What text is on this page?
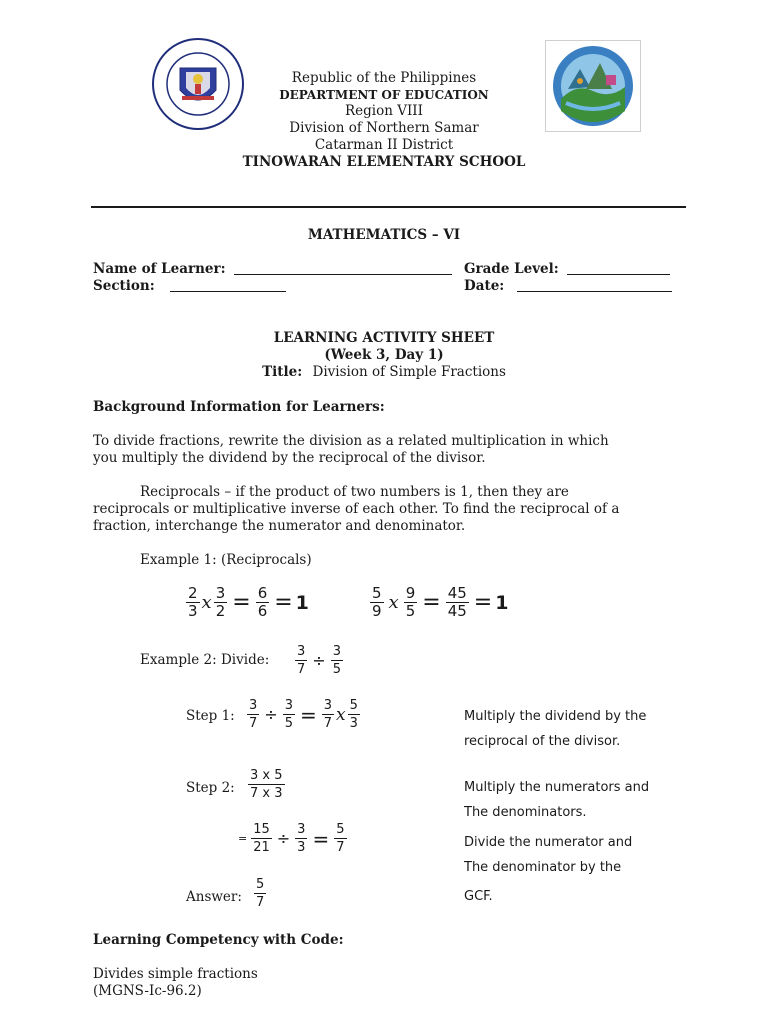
Republic of the Philippines
DEPARTMENT OF EDUCATION
Region VIII
Division of Northern Samar
Catarman II District
TINOWARAN ELEMENTARY SCHOOL
MATHEMATICS – VI
Name of Learner:	Grade Level:
Section:	Date:
LEARNING ACTIVITY SHEET
(Week 3, Day 1)
Title: Division of Simple Fractions
Background Information for Learners:
To divide fractions, rewrite the division as a related multiplication in which
you multiply the dividend by the reciprocal of the divisor.
Reciprocals – if the product of two numbers is 1, then they are
reciprocals or multiplicative inverse of each other. To find the reciprocal of a
fraction, interchange the numerator and denominator.
Example 1: (Reciprocals)
$\frac{2}{3}$ x $\frac{3}{2} = \frac{6}{6} = 1$	$\frac{5}{9}$ x $\frac{9}{5} = \frac{45}{45} = 1$
Example 2: Divide: $\frac{3}{7} \div \frac{3}{5}$
Step 1: $\frac{3}{7} \div \frac{3}{5} = \frac{3}{7}$ x $\frac{5}{3}$	Multiply the dividend by the
reciprocal of the divisor.
Step 2: $\frac{3 x 5}{7 x 3}$	Multiply the numerators and
The denominators.
= $\frac{15}{21} \div \frac{3}{3} = \frac{5}{7}$	Divide the numerator and
The denominator by the
GCF.
Answer: $\frac{5}{7}$
Learning Competency with Code:
Divides simple fractions
(MGNS-Ic-96.2)
